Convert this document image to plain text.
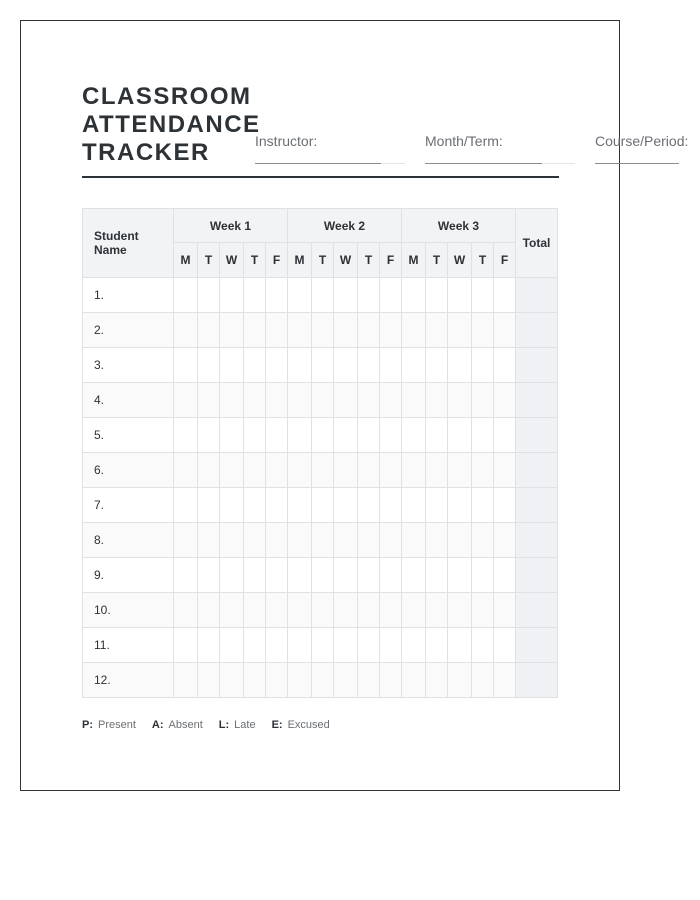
CLASSROOM
ATTENDANCE
TRACKER	Instructor:	Month/Term:	Course/Period:
Student Name	Week 1					Week 2					Week 3					Total
	M	T	W	T	F	M	T	W	T	F	M	T	W	T	F	
1.																
2.																
3.																
4.																
5.																
6.																
7.																
8.																
9.																
10.																
11.																
12.																
P: Present A: Absent L: Late E: Excused
